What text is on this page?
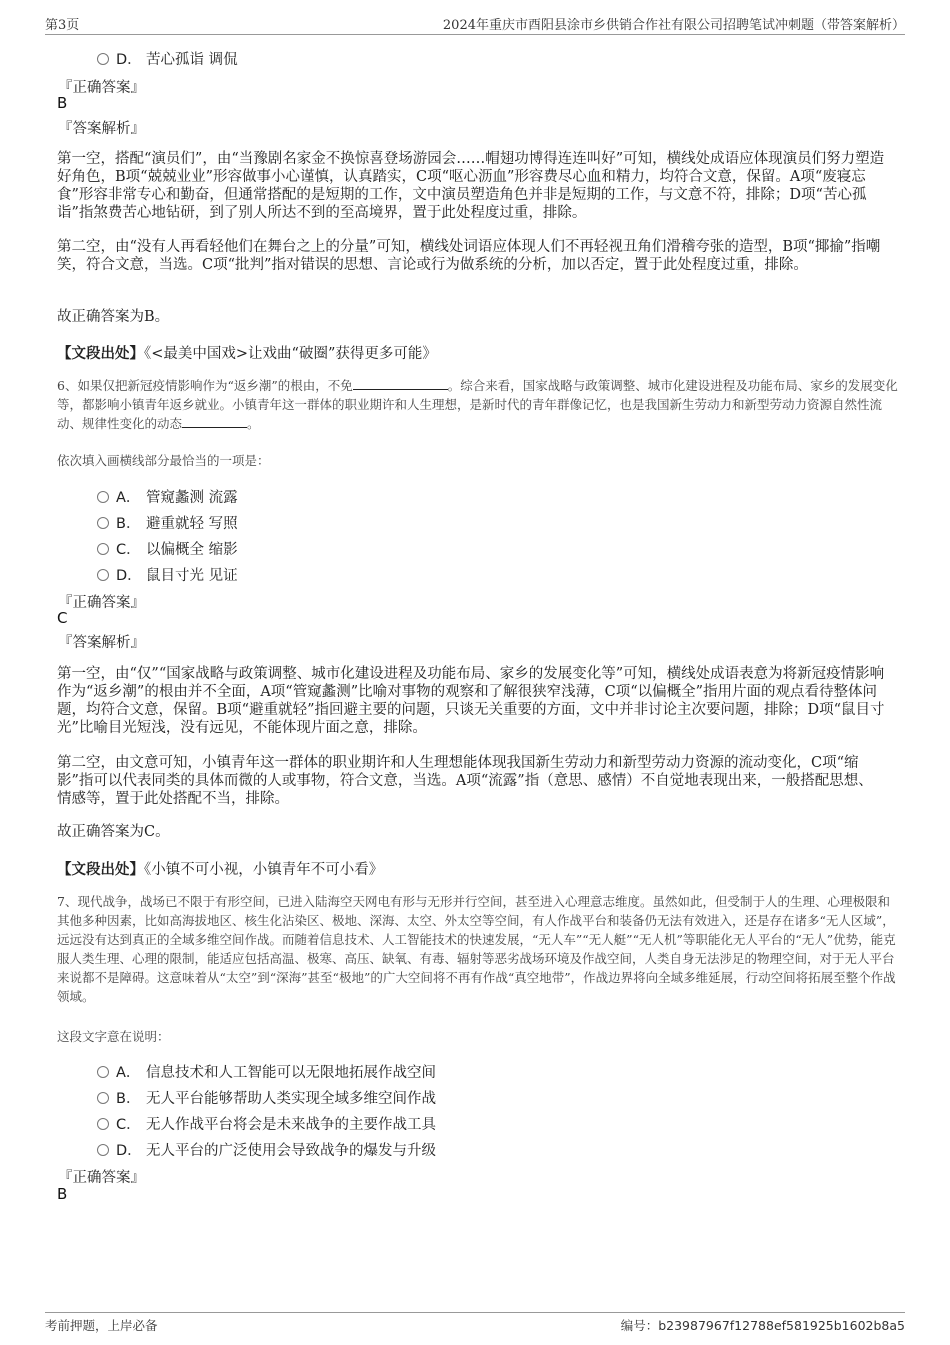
第3页	2024年重庆市酉阳县涂市乡供销合作社有限公司招聘笔试冲刺题（带答案解析）
D． 苦心孤诣 调侃
『正确答案』
B
『答案解析』
第一空，搭配“演员们”，由“当豫剧名家金不换惊喜登场游园会……帽翅功博得连连叫好”可知，横线处成语应体现演员们努力塑造好角色，B项“兢兢业业”形容做事小心谨慎，认真踏实，C项“呕心沥血”形容费尽心血和精力，均符合文意，保留。A项“废寝忘食”形容非常专心和勤奋，但通常搭配的是短期的工作，文中演员塑造角色并非是短期的工作，与文意不符，排除；D项“苦心孤诣”指煞费苦心地钻研，到了别人所达不到的至高境界，置于此处程度过重，排除。
第二空，由“没有人再看轻他们在舞台之上的分量”可知，横线处词语应体现人们不再轻视丑角们滑稽夸张的造型，B项“揶揄”指嘲笑，符合文意，当选。C项“批判”指对错误的思想、言论或行为做系统的分析，加以否定，置于此处程度过重，排除。
故正确答案为B。
【文段出处】《<最美中国戏>让戏曲“破圈”获得更多可能》
6、如果仅把新冠疫情影响作为“返乡潮”的根由，不免	。综合来看，国家战略与政策调整、城市化建设进程及功能布局、家乡的发展变化等，都影响小镇青年返乡就业。小镇青年这一群体的职业期许和人生理想，是新时代的青年群像记忆，也是我国新生劳动力和新型劳动力资源自然性流动、规律性变化的动态	。
依次填入画横线部分最恰当的一项是：
A． 管窥蠡测 流露
B． 避重就轻 写照
C． 以偏概全 缩影
D． 鼠目寸光 见证
『正确答案』
C
『答案解析』
第一空，由“仅”“国家战略与政策调整、城市化建设进程及功能布局、家乡的发展变化等”可知，横线处成语表意为将新冠疫情影响作为“返乡潮”的根由并不全面，A项“管窥蠡测”比喻对事物的观察和了解很狭窄浅薄，C项“以偏概全”指用片面的观点看待整体问题，均符合文意，保留。B项“避重就轻”指回避主要的问题，只谈无关重要的方面，文中并非讨论主次要问题，排除；D项“鼠目寸光”比喻目光短浅，没有远见，不能体现片面之意，排除。
第二空，由文意可知，小镇青年这一群体的职业期许和人生理想能体现我国新生劳动力和新型劳动力资源的流动变化，C项“缩影”指可以代表同类的具体而微的人或事物，符合文意，当选。A项“流露”指（意思、感情）不自觉地表现出来，一般搭配思想、情感等，置于此处搭配不当，排除。
故正确答案为C。
【文段出处】《小镇不可小视，小镇青年不可小看》
7、现代战争，战场已不限于有形空间，已进入陆海空天网电有形与无形并行空间，甚至进入心理意志维度。虽然如此，但受制于人的生理、心理极限和其他多种因素，比如高海拔地区、核生化沾染区、极地、深海、太空、外太空等空间，有人作战平台和装备仍无法有效进入，还是存在诸多“无人区域”，远远没有达到真正的全域多维空间作战。而随着信息技术、人工智能技术的快速发展，“无人车”“无人艇”“无人机”等职能化无人平台的“无人”优势，能克服人类生理、心理的限制，能适应包括高温、极寒、高压、缺氧、有毒、辐射等恶劣战场环境及作战空间，人类自身无法涉足的物理空间，对于无人平台来说都不是障碍。这意味着从“太空”到“深海”甚至“极地”的广大空间将不再有作战“真空地带”，作战边界将向全域多维延展，行动空间将拓展至整个作战领域。
这段文字意在说明：
A． 信息技术和人工智能可以无限地拓展作战空间
B． 无人平台能够帮助人类实现全域多维空间作战
C． 无人作战平台将会是未来战争的主要作战工具
D． 无人平台的广泛使用会导致战争的爆发与升级
『正确答案』
B
考前押题，上岸必备	编号：b23987967f12788ef581925b1602b8a5
